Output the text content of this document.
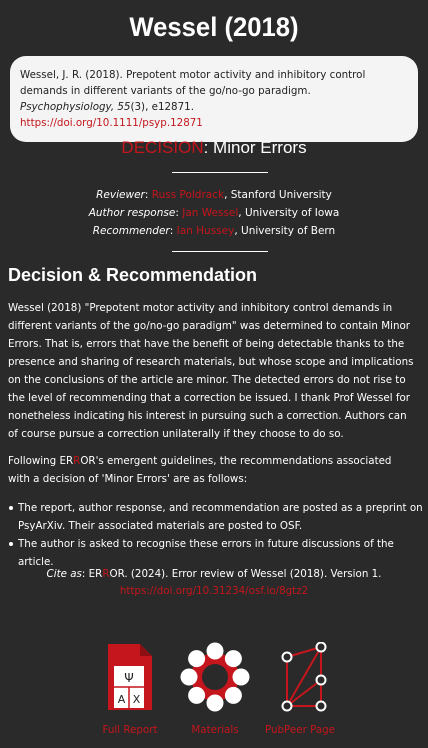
Wessel (2018)
Wessel, J. R. (2018). Prepotent motor activity and inhibitory control demands in different variants of the go/no-go paradigm. Psychophysiology, 55(3), e12871.
https://doi.org/10.1111/psyp.12871
DECISION: Minor Errors
Reviewer: Russ Poldrack, Stanford University
Author response: Jan Wessel, University of Iowa
Recommender: Ian Hussey, University of Bern
Decision & Recommendation
Wessel (2018) "Prepotent motor activity and inhibitory control demands in different variants of the go/no-go paradigm" was determined to contain Minor Errors. That is, errors that have the benefit of being detectable thanks to the presence and sharing of research materials, but whose scope and implications on the conclusions of the article are minor. The detected errors do not rise to the level of recommending that a correction be issued. I thank Prof Wessel for nonetheless indicating his interest in pursuing such a correction. Authors can of course pursue a correction unilaterally if they choose to do so.
Following ERROR's emergent guidelines, the recommendations associated with a decision of 'Minor Errors' are as follows:
The report, author response, and recommendation are posted as a preprint on PsyArXiv. Their associated materials are posted to OSF.
The author is asked to recognise these errors in future discussions of the article.
Cite as: ERROR. (2024). Error review of Wessel (2018). Version 1.
https://doi.org/10.31234/osf.io/8gtz2
Ψ
Α Χ
Full Report	Materials	PubPeer Page
